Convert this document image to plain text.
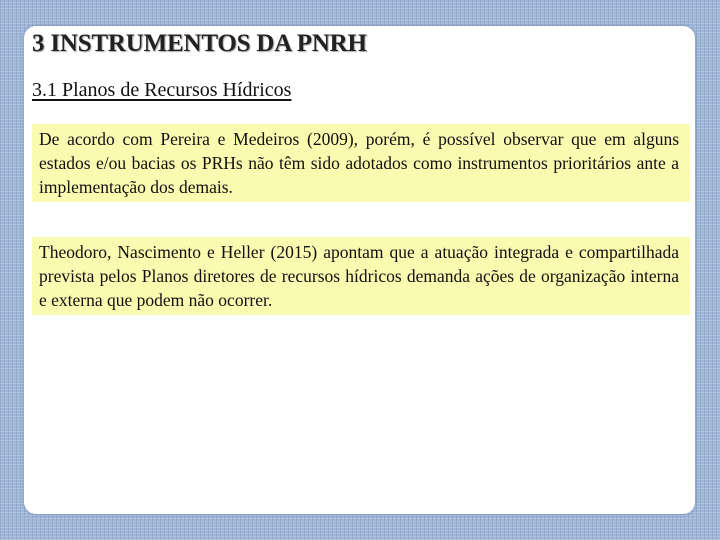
3 INSTRUMENTOS DA PNRH
3.1 Planos de Recursos Hídricos

De acordo com Pereira e Medeiros (2009), porém, é possível observar que em alguns estados e/ou bacias os PRHs não têm sido adotados como instrumentos prioritários ante a implementação dos demais.

Theodoro, Nascimento e Heller (2015) apontam que a atuação integrada e compartilhada prevista pelos Planos diretores de recursos hídricos demanda ações de organização interna e externa que podem não ocorrer.
